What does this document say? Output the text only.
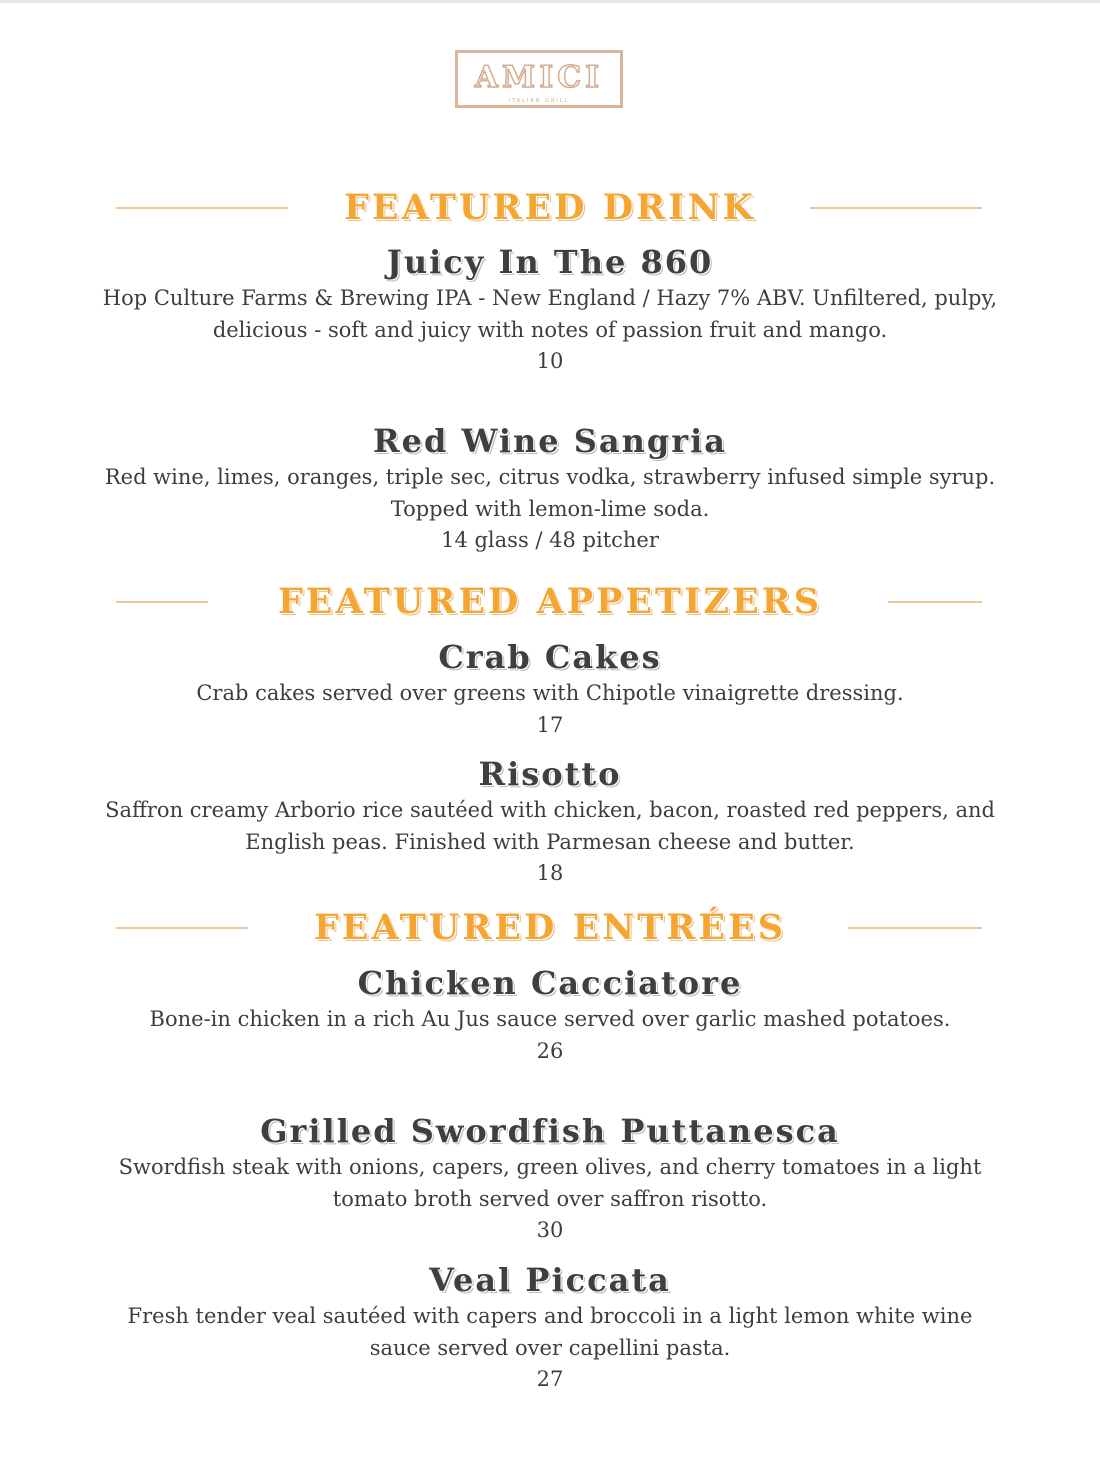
AMICI
ITALIAN GRILL
FEATURED DRINK
Juicy In The 860
Hop Culture Farms & Brewing IPA - New England / Hazy 7% ABV. Unfiltered, pulpy, delicious - soft and juicy with notes of passion fruit and mango.
10
Red Wine Sangria
Red wine, limes, oranges, triple sec, citrus vodka, strawberry infused simple syrup. Topped with lemon-lime soda.
14 glass / 48 pitcher
FEATURED APPETIZERS
Crab Cakes
Crab cakes served over greens with Chipotle vinaigrette dressing.
17
Risotto
Saffron creamy Arborio rice sautéed with chicken, bacon, roasted red peppers, and English peas. Finished with Parmesan cheese and butter.
18
FEATURED ENTRÉES
Chicken Cacciatore
Bone-in chicken in a rich Au Jus sauce served over garlic mashed potatoes.
26
Grilled Swordfish Puttanesca
Swordfish steak with onions, capers, green olives, and cherry tomatoes in a light tomato broth served over saffron risotto.
30
Veal Piccata
Fresh tender veal sautéed with capers and broccoli in a light lemon white wine sauce served over capellini pasta.
27
